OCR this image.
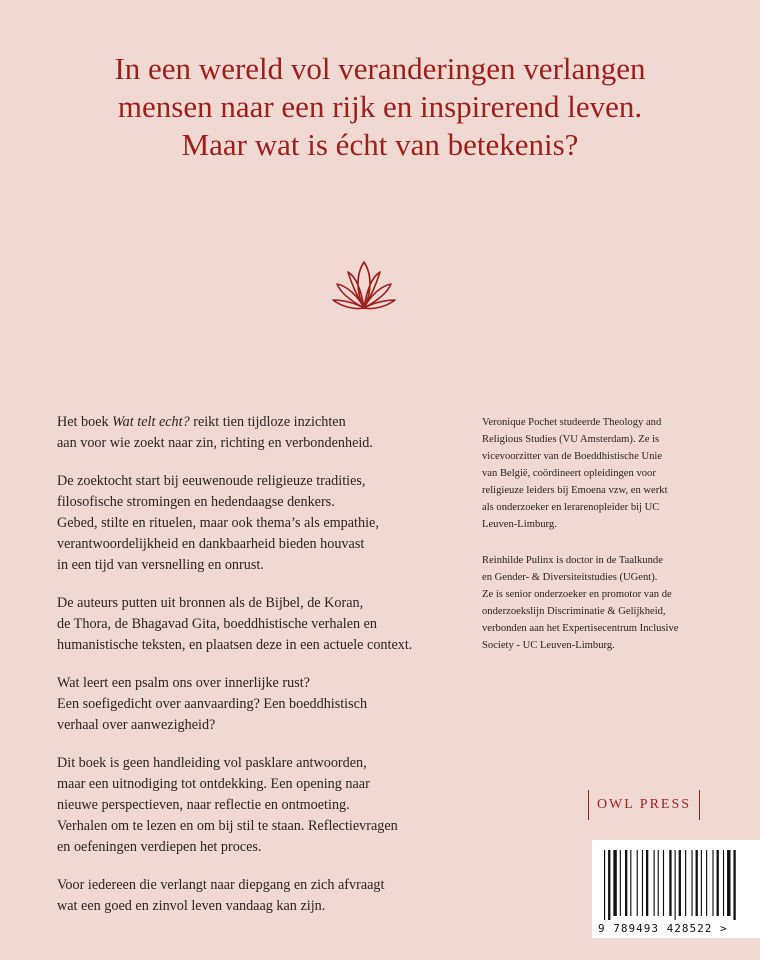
In een wereld vol veranderingen verlangen
mensen naar een rijk en inspirerend leven.
Maar wat is écht van betekenis?

Het boek Wat telt echt? reikt tien tijdloze inzichten
aan voor wie zoekt naar zin, richting en verbondenheid.

De zoektocht start bij eeuwenoude religieuze tradities,
filosofische stromingen en hedendaagse denkers.
Gebed, stilte en rituelen, maar ook thema’s als empathie,
verantwoordelijkheid en dankbaarheid bieden houvast
in een tijd van versnelling en onrust.

De auteurs putten uit bronnen als de Bijbel, de Koran,
de Thora, de Bhagavad Gita, boeddhistische verhalen en
humanistische teksten, en plaatsen deze in een actuele context.

Wat leert een psalm ons over innerlijke rust?
Een soefigedicht over aanvaarding? Een boeddhistisch
verhaal over aanwezigheid?

Dit boek is geen handleiding vol pasklare antwoorden,
maar een uitnodiging tot ontdekking. Een opening naar
nieuwe perspectieven, naar reflectie en ontmoeting.
Verhalen om te lezen en om bij stil te staan. Reflectievragen
en oefeningen verdiepen het proces.

Voor iedereen die verlangt naar diepgang en zich afvraagt
wat een goed en zinvol leven vandaag kan zijn.

Veronique Pochet studeerde Theology and
Religious Studies (VU Amsterdam). Ze is
vicevoorzitter van de Boeddhistische Unie
van België, coördineert opleidingen voor
religieuze leiders bij Emoena vzw, en werkt
als onderzoeker en lerarenopleider bij UC
Leuven-Limburg.

Reinhilde Pulinx is doctor in de Taalkunde
en Gender- & Diversiteitstudies (UGent).
Ze is senior onderzoeker en promotor van de
onderzoekslijn Discriminatie & Gelijkheid,
verbonden aan het Expertisecentrum Inclusive
Society - UC Leuven-Limburg.

OWL PRESS
9 789493 428522 >
